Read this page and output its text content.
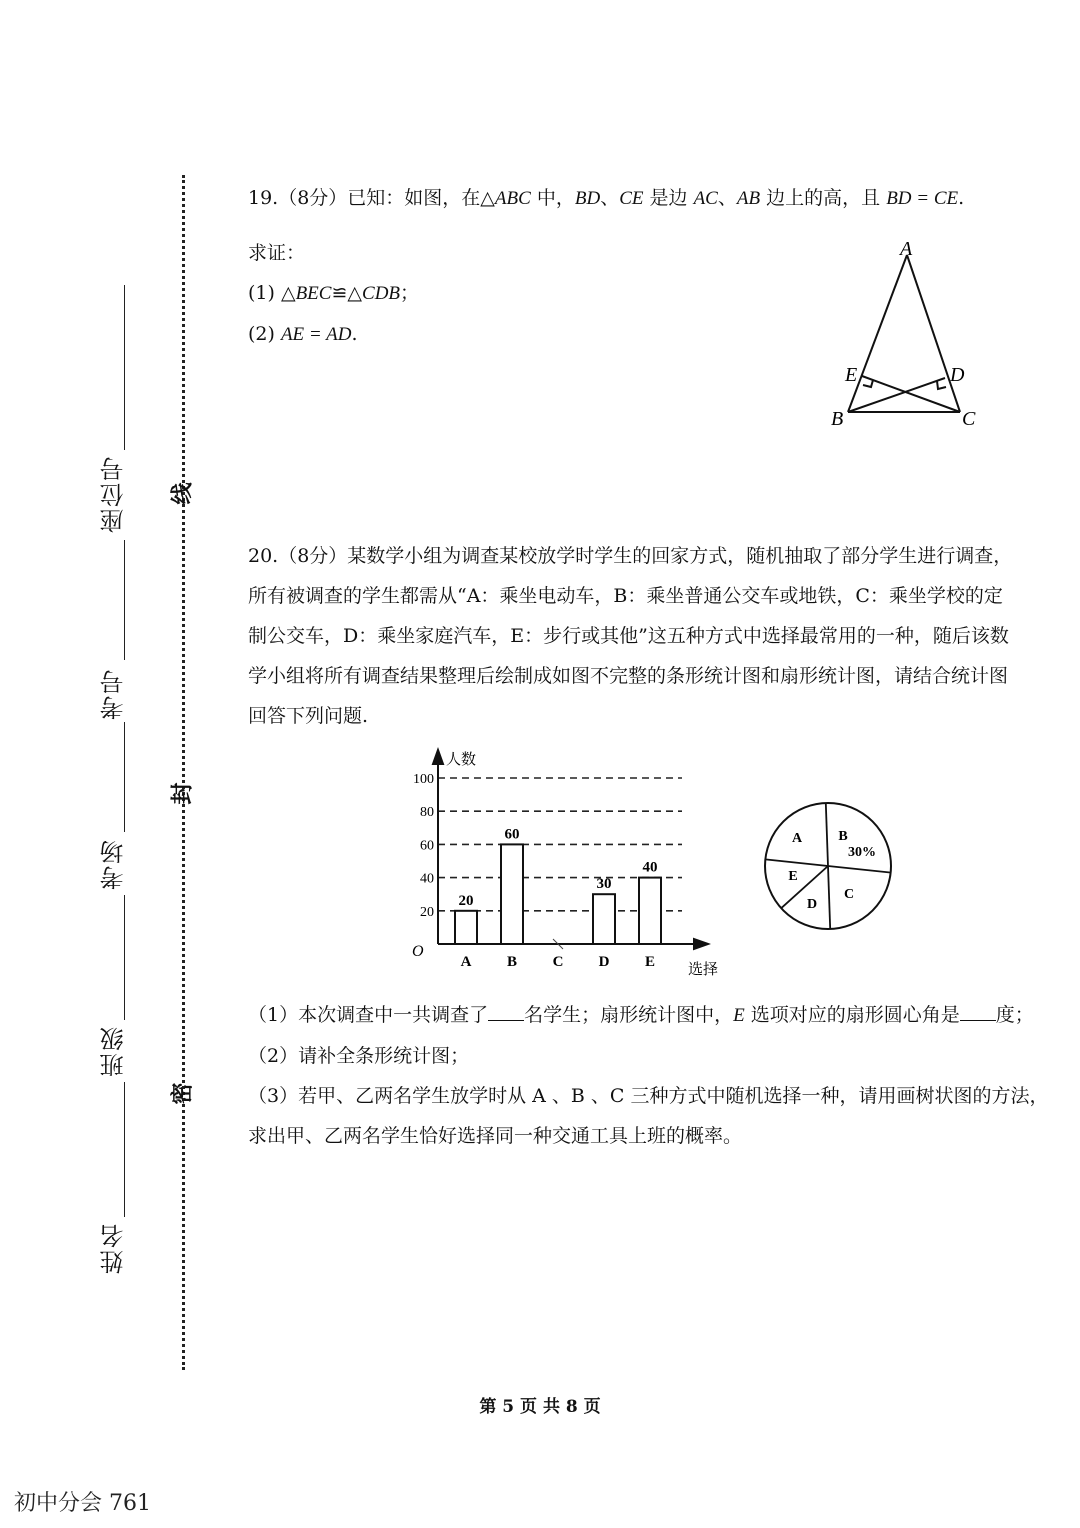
座位号
考号
考场
班级
姓名
线
封
密

19.（8分）已知：如图，在△ABC 中，BD、CE 是边 AC、AB 边上的高，且 BD = CE.

求证：

(1) △BEC≌△CDB；

(2) AE = AD.

A
B	C
D
E

20.（8分）某数学小组为调查某校放学时学生的回家方式，随机抽取了部分学生进行调查，

所有被调查的学生都需从“A：乘坐电动车，B：乘坐普通公交车或地铁，C：乘坐学校的定

制公交车，D：乘坐家庭汽车，E：步行或其他”这五种方式中选择最常用的一种，随后该数

学小组将所有调查结果整理后绘制成如图不完整的条形统计图和扇形统计图，请结合统计图

回答下列问题.

人数
选择
O
20
40
60
80
100
A
20
B
60
C D
30
E
40
A	B
30%
C
D
E

（1）本次调查中一共调查了 名学生；扇形统计图中，E 选项对应的扇形圆心角是 度；

（2）请补全条形统计图；

（3）若甲、乙两名学生放学时从 A 、B 、C 三种方式中随机选择一种，请用画树状图的方法，

求出甲、乙两名学生恰好选择同一种交通工具上班的概率。

第 5 页 共 8 页
初中分会 761
